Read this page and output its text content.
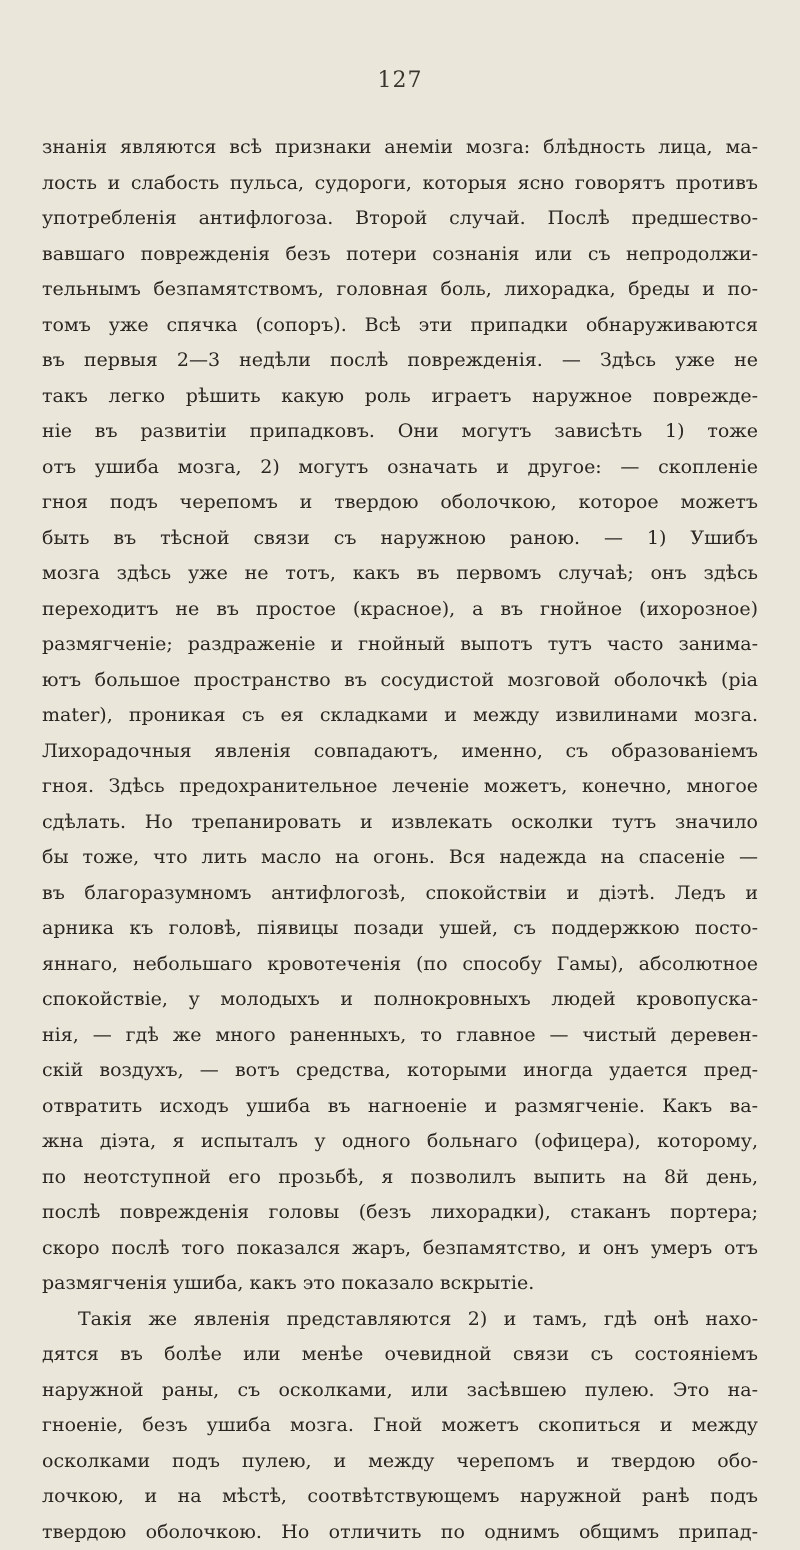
127
знанія являются всѣ признаки анеміи мозга: блѣдность лица, ма-
лость и слабость пульса, судороги, которыя ясно говорятъ противъ
употребленія антифлогоза. Второй случай. Послѣ предшество-
вавшаго поврежденія безъ потери сознанія или съ непродолжи-
тельнымъ безпамятствомъ, головная боль, лихорадка, бреды и по-
томъ уже спячка (сопоръ). Всѣ эти припадки обнаруживаются
въ первыя 2—3 недѣли послѣ поврежденія. — Здѣсь уже не
такъ легко рѣшить какую роль играетъ наружное поврежде-
ніе въ развитіи припадковъ. Они могутъ зависѣть 1) тоже
отъ ушиба мозга, 2) могутъ означать и другое: — скопленіе
гноя подъ черепомъ и твердою оболочкою, которое можетъ
быть въ тѣсной связи съ наружною раною. — 1) Ушибъ
мозга здѣсь уже не тотъ, какъ въ первомъ случаѣ; онъ здѣсь
переходитъ не въ простое (красное), а въ гнойное (ихорозное)
размягченіе; раздраженіе и гнойный выпотъ тутъ часто занима-
ютъ большое пространство въ сосудистой мозговой оболочкѣ (pia
mater), проникая съ ея складками и между извилинами мозга.
Лихорадочныя явленія совпадаютъ, именно, съ образованіемъ
гноя. Здѣсь предохранительное леченіе можетъ, конечно, многое
сдѣлать. Но трепанировать и извлекать осколки тутъ значило
бы тоже, что лить масло на огонь. Вся надежда на спасеніе —
въ благоразумномъ антифлогозѣ, спокойствіи и діэтѣ. Ледъ и
арника къ головѣ, піявицы позади ушей, съ поддержкою посто-
яннаго, небольшаго кровотеченія (по способу Гамы), абсолютное
спокойствіе, у молодыхъ и полнокровныхъ людей кровопуска-
нія, — гдѣ же много раненныхъ, то главное — чистый деревен-
скій воздухъ, — вотъ средства, которыми иногда удается пред-
отвратить исходъ ушиба въ нагноеніе и размягченіе. Какъ ва-
жна діэта, я испыталъ у одного больнаго (офицера), которому,
по неотступной его прозьбѣ, я позволилъ выпить на 8й день,
послѣ поврежденія головы (безъ лихорадки), стаканъ портера;
скоро послѣ того показался жаръ, безпамятство, и онъ умеръ отъ
размягченія ушиба, какъ это показало вскрытіе.
Такія же явленія представляются 2) и тамъ, гдѣ онѣ нахо-
дятся въ болѣе или менѣе очевидной связи съ состояніемъ
наружной раны, съ осколками, или засѣвшею пулею. Это на-
гноеніе, безъ ушиба мозга. Гной можетъ скопиться и между
осколками подъ пулею, и между черепомъ и твердою обо-
лочкою, и на мѣстѣ, соотвѣтствующемъ наружной ранѣ подъ
твердою оболочкою. Но отличить по однимъ общимъ припад-
